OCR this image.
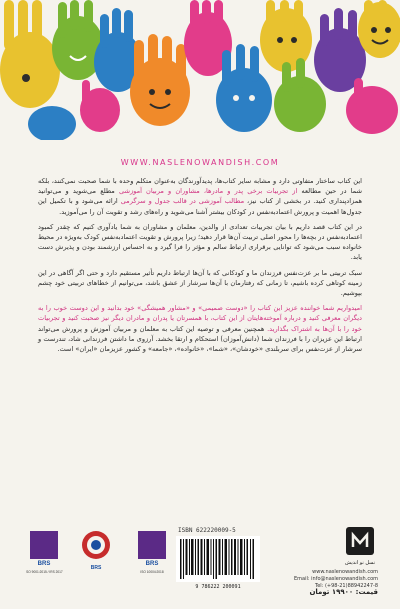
WWW.NASLENOWANDISH.COM

این کتاب ساختار متفاوتی دارد و مشابه سایر کتاب‌ها، پدیدآورندگان به‌عنوان متکلم وحده با شما صحبت نمی‌کنند، بلکه شما در حین مطالعه از تجربیات برخی پدر و مادرها، مشاوران و مربیان آموزشی مطلع می‌شوید و می‌توانید همزادپنداری کنید. در بخشی از کتاب نیز، مطالب آموزشی در قالب جدول و سرگرمی ارائه می‌شود و با تکمیل این جدول‌ها اهمیت و پرورش اعتمادبه‌نفس در کودکان بیشتر آشنا می‌شوید و راه‌های رشد و تقویت آن را می‌آموزید.

در این کتاب قصد داریم با بیان تجربیات تعدادی از والدین، معلمان و مشاوران به شما یادآوری کنیم که چقدر کمبود اعتمادبه‌نفس در بچه‌ها را محور اصلی تربیت آن‌ها قرار دهید؛ زیرا پرورش و تقویت اعتمادبه‌نفس کودک به‌ویژه در محیط خانواده سبب می‌شود که توانایی برقراری ارتباط سالم و مؤثر را فرا گیرد و به احساس ارزشمند بودن و پذیرش دست یابد.

سبک تربیتی ما بر عزت‌نفس فرزندان ما و کودکانی که با آن‌ها ارتباط داریم تأثیر مستقیم دارد و حتی اگر آگاهی در این زمینه کوتاهی کرده باشیم، تا زمانی که رفتارمان با آن‌ها سرشار از عشق باشد، می‌توانیم از خطاهای تربیتی خود چشم بپوشیم.

امیدواریم شما خواننده عزیز این کتاب را «دوست صمیمی» و «مشاور همیشگی» خود بدانید و این دوست خوب را به دیگران معرفی کنید و درباره آموخته‌هایتان از این کتاب، با همسرتان یا پدران و مادران دیگر نیز صحبت کنید و تجربیات خود را با آن‌ها به اشتراک بگذارید. همچنین معرفی و توصیه این کتاب به معلمان و مربیان آموزش و پرورش می‌تواند ارتباط این عزیزان را با فرزندان شما (دانش‌آموزان) استحکام و ارتقا بخشد. آرزوی ما داشتن فرزندانی شاد، تندرست و سرشار از عزت‌نفس برای سربلندی «خودشان»، «شما»، «خانواده»، «جامعه» و کشور عزیزمان «ایران» است.

BRS
ISO 9001:2015 / IRS 2017
BRS
BRS
ISO 10004:2018
ISBN 622220009-5
9 786222 200091
نسل نو اندیش
www.naslenowandish.com
Email: info@naslenowandish.com
Tel: (+98-21)88942247-8
قیمت: ۱۹۹۰۰ تومان
